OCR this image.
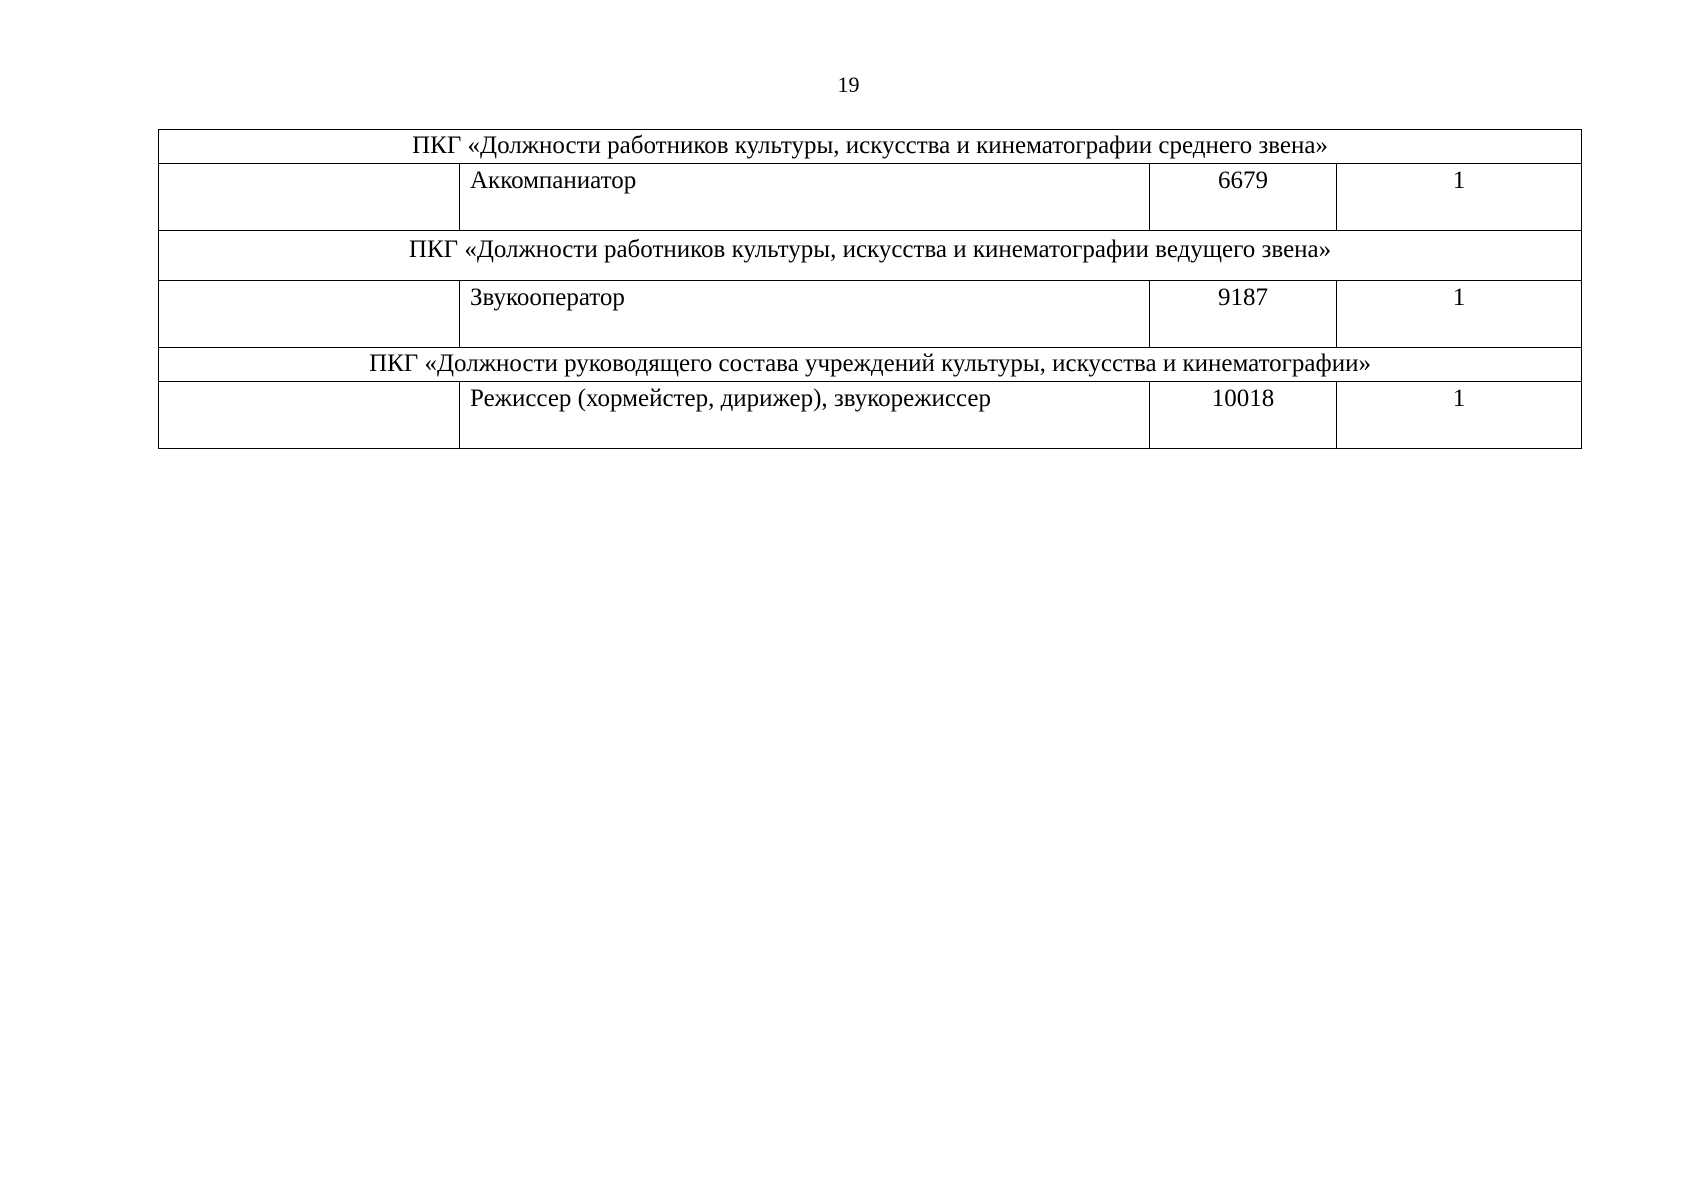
19
ПКГ «Должности работников культуры, искусства и кинематографии среднего звена»			
	Аккомпаниатор	6679	1
ПКГ «Должности работников культуры, искусства и кинематографии ведущего звена»			
	Звукооператор	9187	1
ПКГ «Должности руководящего состава учреждений культуры, искусства и кинематографии»			
	Режиссер (хормейстер, дирижер), звукорежиссер	10018	1
